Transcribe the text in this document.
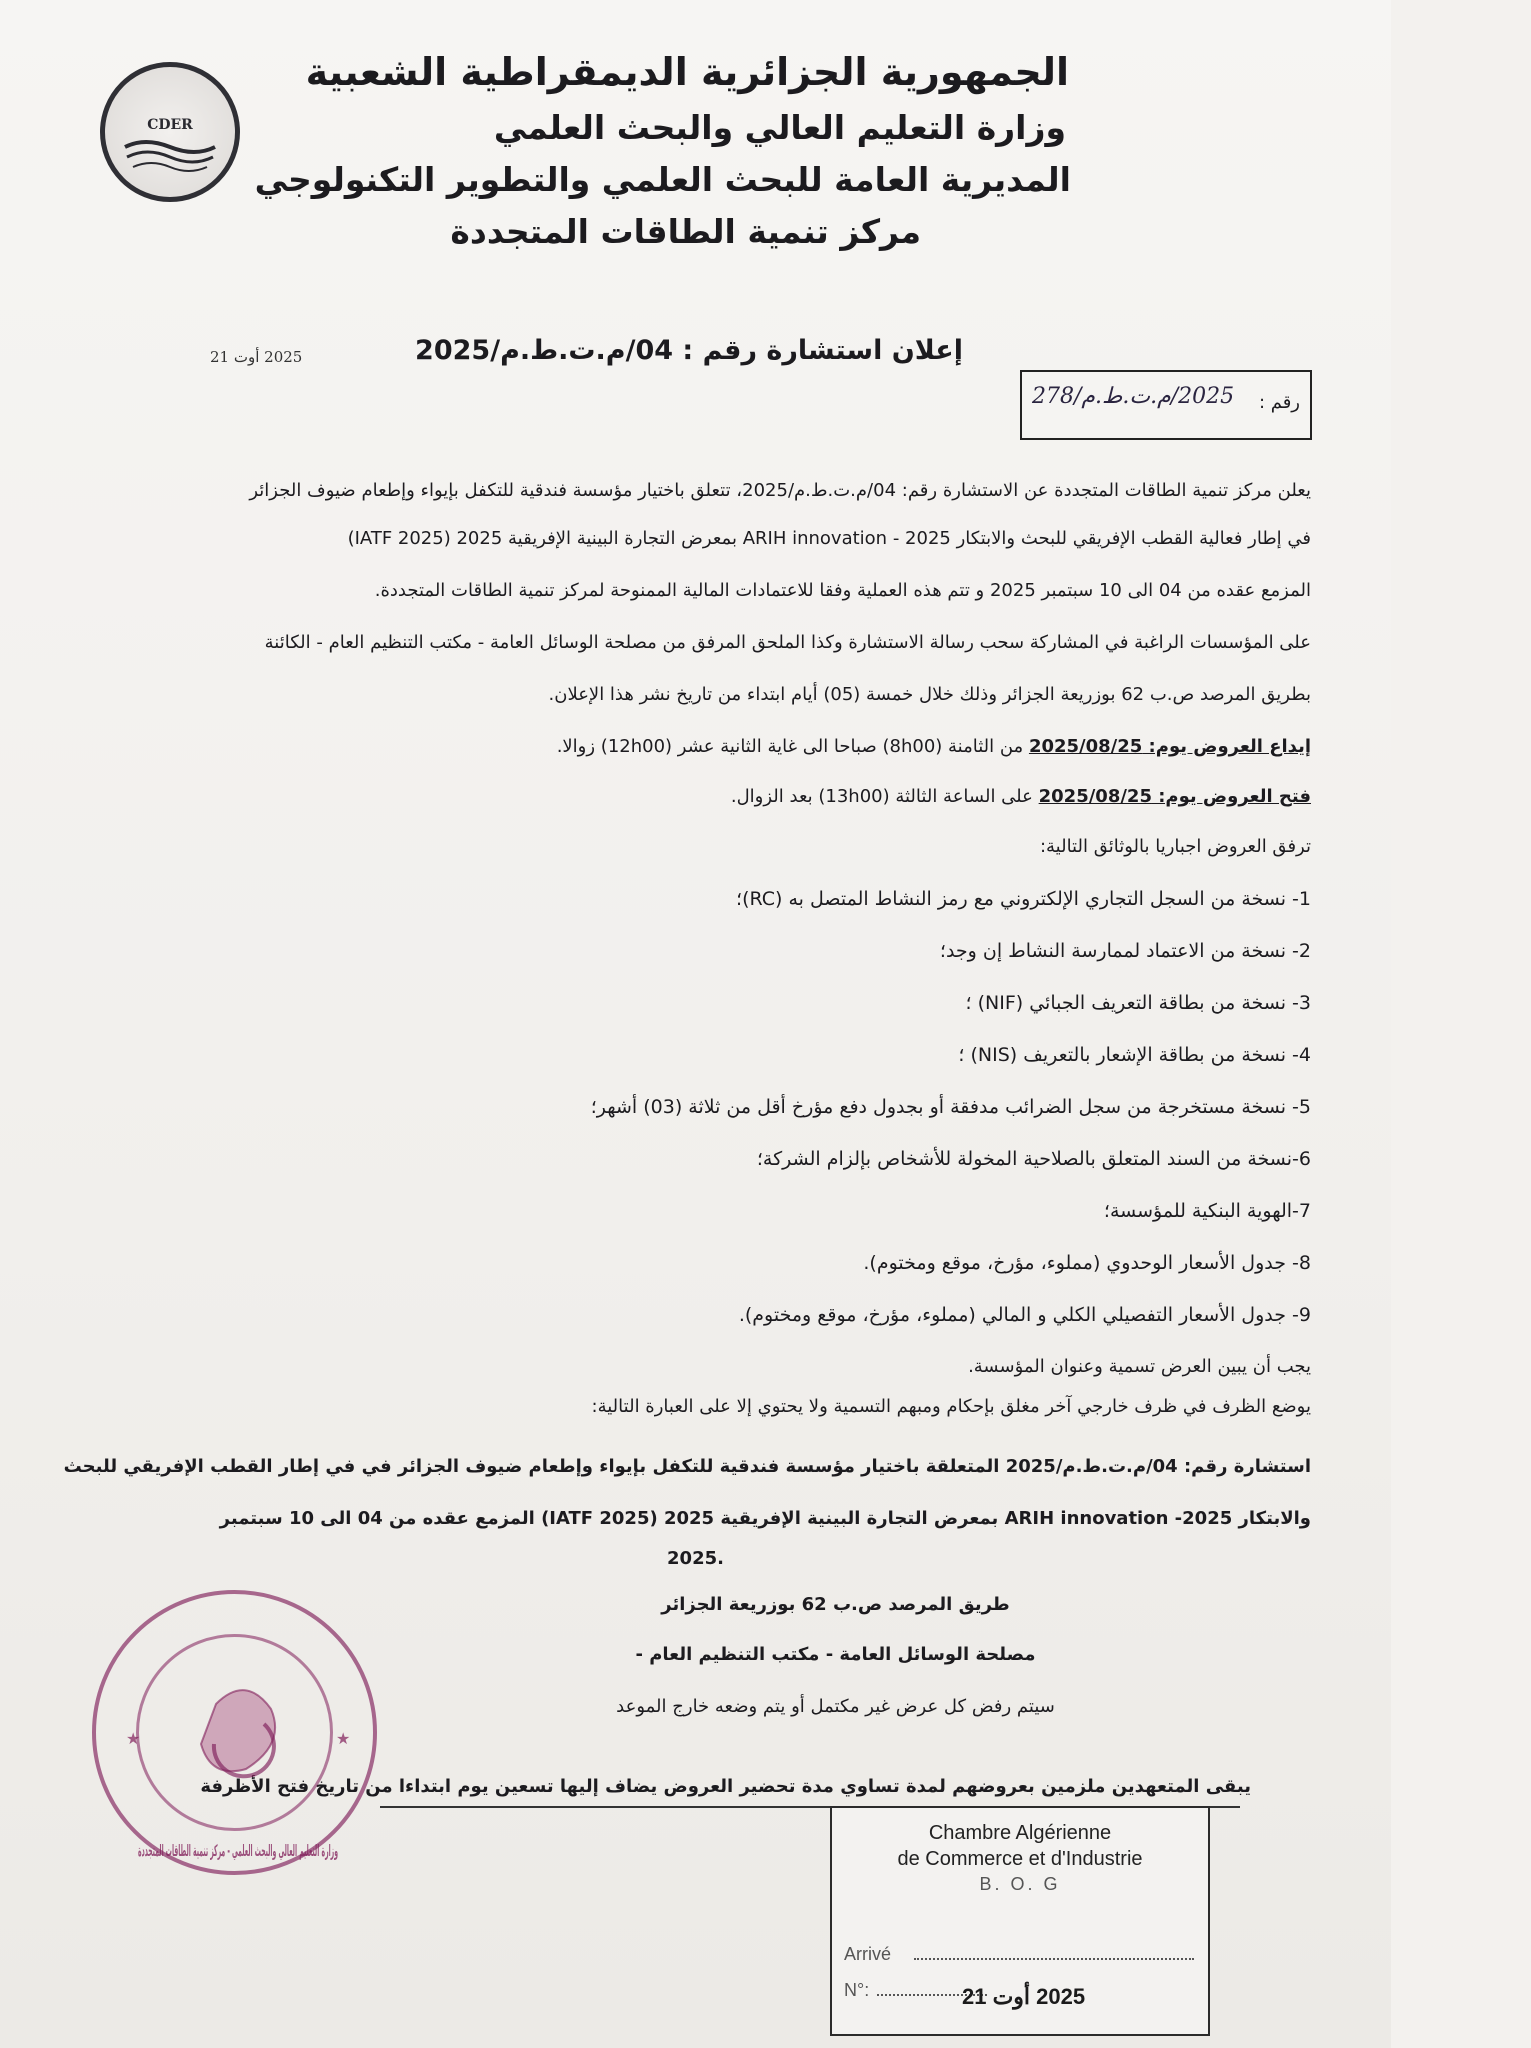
CDER
الجمهورية الجزائرية الديمقراطية الشعبية
وزارة التعليم العالي والبحث العلمي
المديرية العامة للبحث العلمي والتطوير التكنولوجي
مركز تنمية الطاقات المتجددة
2025 أوت 21	إعلان استشارة رقم : 04/م.ت.ط.م/2025
رقم :
2025/م.ت.ط.م/278
يعلن مركز تنمية الطاقات المتجددة عن الاستشارة رقم: 04/م.ت.ط.م/2025، تتعلق باختيار مؤسسة فندقية للتكفل بإيواء وإطعام ضيوف الجزائر
في إطار فعالية القطب الإفريقي للبحث والابتكار 2025 - ARIH innovation بمعرض التجارة البينية الإفريقية 2025 (IATF 2025)
المزمع عقده من 04 الى 10 سبتمبر 2025 و تتم هذه العملية وفقا للاعتمادات المالية الممنوحة لمركز تنمية الطاقات المتجددة.
على المؤسسات الراغبة في المشاركة سحب رسالة الاستشارة وكذا الملحق المرفق من مصلحة الوسائل العامة - مكتب التنظيم العام - الكائنة
بطريق المرصد ص.ب 62 بوزريعة الجزائر وذلك خلال خمسة (05) أيام ابتداء من تاريخ نشر هذا الإعلان.
إيداع العروض يوم: 2025/08/25 من الثامنة (8h00) صباحا الى غاية الثانية عشر (12h00) زوالا.
فتح العروض يوم: 2025/08/25 على الساعة الثالثة (13h00) بعد الزوال.
ترفق العروض اجباريا بالوثائق التالية:
1- نسخة من السجل التجاري الإلكتروني مع رمز النشاط المتصل به (RC)؛
2- نسخة من الاعتماد لممارسة النشاط إن وجد؛
3- نسخة من بطاقة التعريف الجبائي (NIF) ؛
4- نسخة من بطاقة الإشعار بالتعريف (NIS) ؛
5- نسخة مستخرجة من سجل الضرائب مدفقة أو بجدول دفع مؤرخ أقل من ثلاثة (03) أشهر؛
6-نسخة من السند المتعلق بالصلاحية المخولة للأشخاص بإلزام الشركة؛
7-الهوية البنكية للمؤسسة؛
8- جدول الأسعار الوحدوي (مملوء، مؤرخ، موقع ومختوم).
9- جدول الأسعار التفصيلي الكلي و المالي (مملوء، مؤرخ، موقع ومختوم).
يجب أن يبين العرض تسمية وعنوان المؤسسة.
يوضع الظرف في ظرف خارجي آخر مغلق بإحكام ومبهم التسمية ولا يحتوي إلا على العبارة التالية:
استشارة رقم: 04/م.ت.ط.م/2025 المتعلقة باختيار مؤسسة فندقية للتكفل بإيواء وإطعام ضيوف الجزائر في في إطار القطب الإفريقي للبحث
والابتكار 2025- ARIH innovation بمعرض التجارة البينية الإفريقية 2025 (IATF 2025) المزمع عقده من 04 الى 10 سبتمبر
2025.
طريق المرصد ص.ب 62 بوزريعة الجزائر
مصلحة الوسائل العامة - مكتب التنظيم العام -
سيتم رفض كل عرض غير مكتمل أو يتم وضعه خارج الموعد
يبقى المتعهدين ملزمين بعروضهم لمدة تساوي مدة تحضير العروض يضاف إليها تسعين يوم ابتداءا من تاريخ فتح الأظرفة
وزارة التعليم العالي والبحث العلمي - مركز تنمية الطاقات المتجددة
★	★
Chambre Algérienne
de Commerce et d'Industrie
B. O. G
Arrivé
N°:	2025 أوت 21
